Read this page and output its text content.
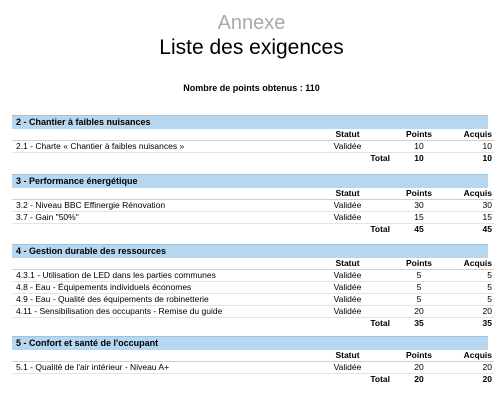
Annexe
Liste des exigences
Nombre de points obtenus : 110
2 - Chantier à faibles nuisances
	Statut	Points	Acquis
2.1 - Charte « Chantier à faibles nuisances »	Validée	10	10
	Total	10	10
3 - Performance énergétique
	Statut	Points	Acquis
3.2 - Niveau BBC Effinergie Rénovation	Validée	30	30
3.7 - Gain "50%"	Validée	15	15
	Total	45	45
4 - Gestion durable des ressources
	Statut	Points	Acquis
4.3.1 - Utilisation de LED dans les parties communes	Validée	5	5
4.8 - Eau - Équipements individuels économes	Validée	5	5
4.9 - Eau - Qualité des équipements de robinetterie	Validée	5	5
4.11 - Sensibilisation des occupants - Remise du guide	Validée	20	20
	Total	35	35
5 - Confort et santé de l'occupant
	Statut	Points	Acquis
5.1 - Qualité de l'air intérieur - Niveau A+	Validée	20	20
	Total	20	20
